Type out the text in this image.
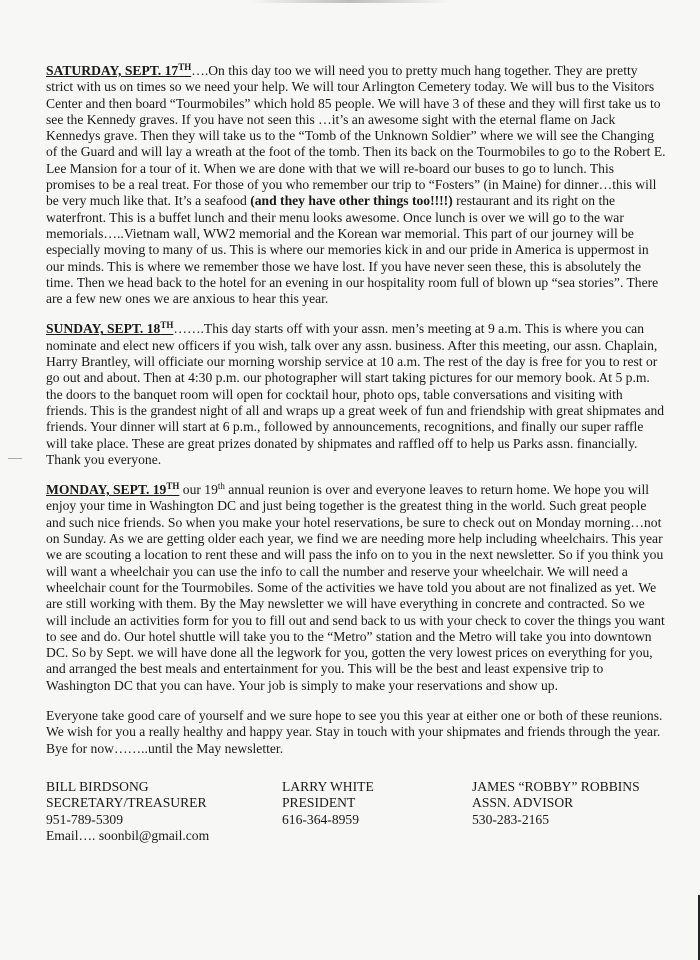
SATURDAY, SEPT. 17TH….On this day too we will need you to pretty much hang together. They are pretty strict with us on times so we need your help. We will tour Arlington Cemetery today. We will bus to the Visitors Center and then board “Tourmobiles” which hold 85 people. We will have 3 of these and they will first take us to see the Kennedy graves. If you have not seen this …it’s an awesome sight with the eternal flame on Jack Kennedys grave. Then they will take us to the “Tomb of the Unknown Soldier” where we will see the Changing of the Guard and will lay a wreath at the foot of the tomb. Then its back on the Tourmobiles to go to the Robert E. Lee Mansion for a tour of it. When we are done with that we will re-board our buses to go to lunch. This promises to be a real treat. For those of you who remember our trip to “Fosters” (in Maine) for dinner…this will be very much like that. It’s a seafood (and they have other things too!!!!) restaurant and its right on the waterfront. This is a buffet lunch and their menu looks awesome. Once lunch is over we will go to the war memorials…..Vietnam wall, WW2 memorial and the Korean war memorial. This part of our journey will be especially moving to many of us. This is where our memories kick in and our pride in America is uppermost in our minds. This is where we remember those we have lost. If you have never seen these, this is absolutely the time. Then we head back to the hotel for an evening in our hospitality room full of blown up “sea stories”. There are a few new ones we are anxious to hear this year.

SUNDAY, SEPT. 18TH…….This day starts off with your assn. men’s meeting at 9 a.m. This is where you can nominate and elect new officers if you wish, talk over any assn. business. After this meeting, our assn. Chaplain, Harry Brantley, will officiate our morning worship service at 10 a.m. The rest of the day is free for you to rest or go out and about. Then at 4:30 p.m. our photographer will start taking pictures for our memory book. At 5 p.m. the doors to the banquet room will open for cocktail hour, photo ops, table conversations and visiting with friends. This is the grandest night of all and wraps up a great week of fun and friendship with great shipmates and friends. Your dinner will start at 6 p.m., followed by announcements, recognitions, and finally our super raffle will take place. These are great prizes donated by shipmates and raffled off to help us Parks assn. financially. Thank you everyone.

MONDAY, SEPT. 19TH our 19th annual reunion is over and everyone leaves to return home. We hope you will enjoy your time in Washington DC and just being together is the greatest thing in the world. Such great people and such nice friends. So when you make your hotel reservations, be sure to check out on Monday morning…not on Sunday. As we are getting older each year, we find we are needing more help including wheelchairs. This year we are scouting a location to rent these and will pass the info on to you in the next newsletter. So if you think you will want a wheelchair you can use the info to call the number and reserve your wheelchair. We will need a wheelchair count for the Tourmobiles. Some of the activities we have told you about are not finalized as yet. We are still working with them. By the May newsletter we will have everything in concrete and contracted. So we will include an activities form for you to fill out and send back to us with your check to cover the things you want to see and do. Our hotel shuttle will take you to the “Metro” station and the Metro will take you into downtown DC. So by Sept. we will have done all the legwork for you, gotten the very lowest prices on everything for you, and arranged the best meals and entertainment for you. This will be the best and least expensive trip to Washington DC that you can have. Your job is simply to make your reservations and show up.

Everyone take good care of yourself and we sure hope to see you this year at either one or both of these reunions. We wish for you a really healthy and happy year. Stay in touch with your shipmates and friends through the year. Bye for now……..until the May newsletter.

BILL BIRDSONG
SECRETARY/TREASURER
951-789-5309
Email…. soonbil@gmail.com
LARRY WHITE
PRESIDENT
616-364-8959
JAMES “ROBBY” ROBBINS
ASSN. ADVISOR
530-283-2165
